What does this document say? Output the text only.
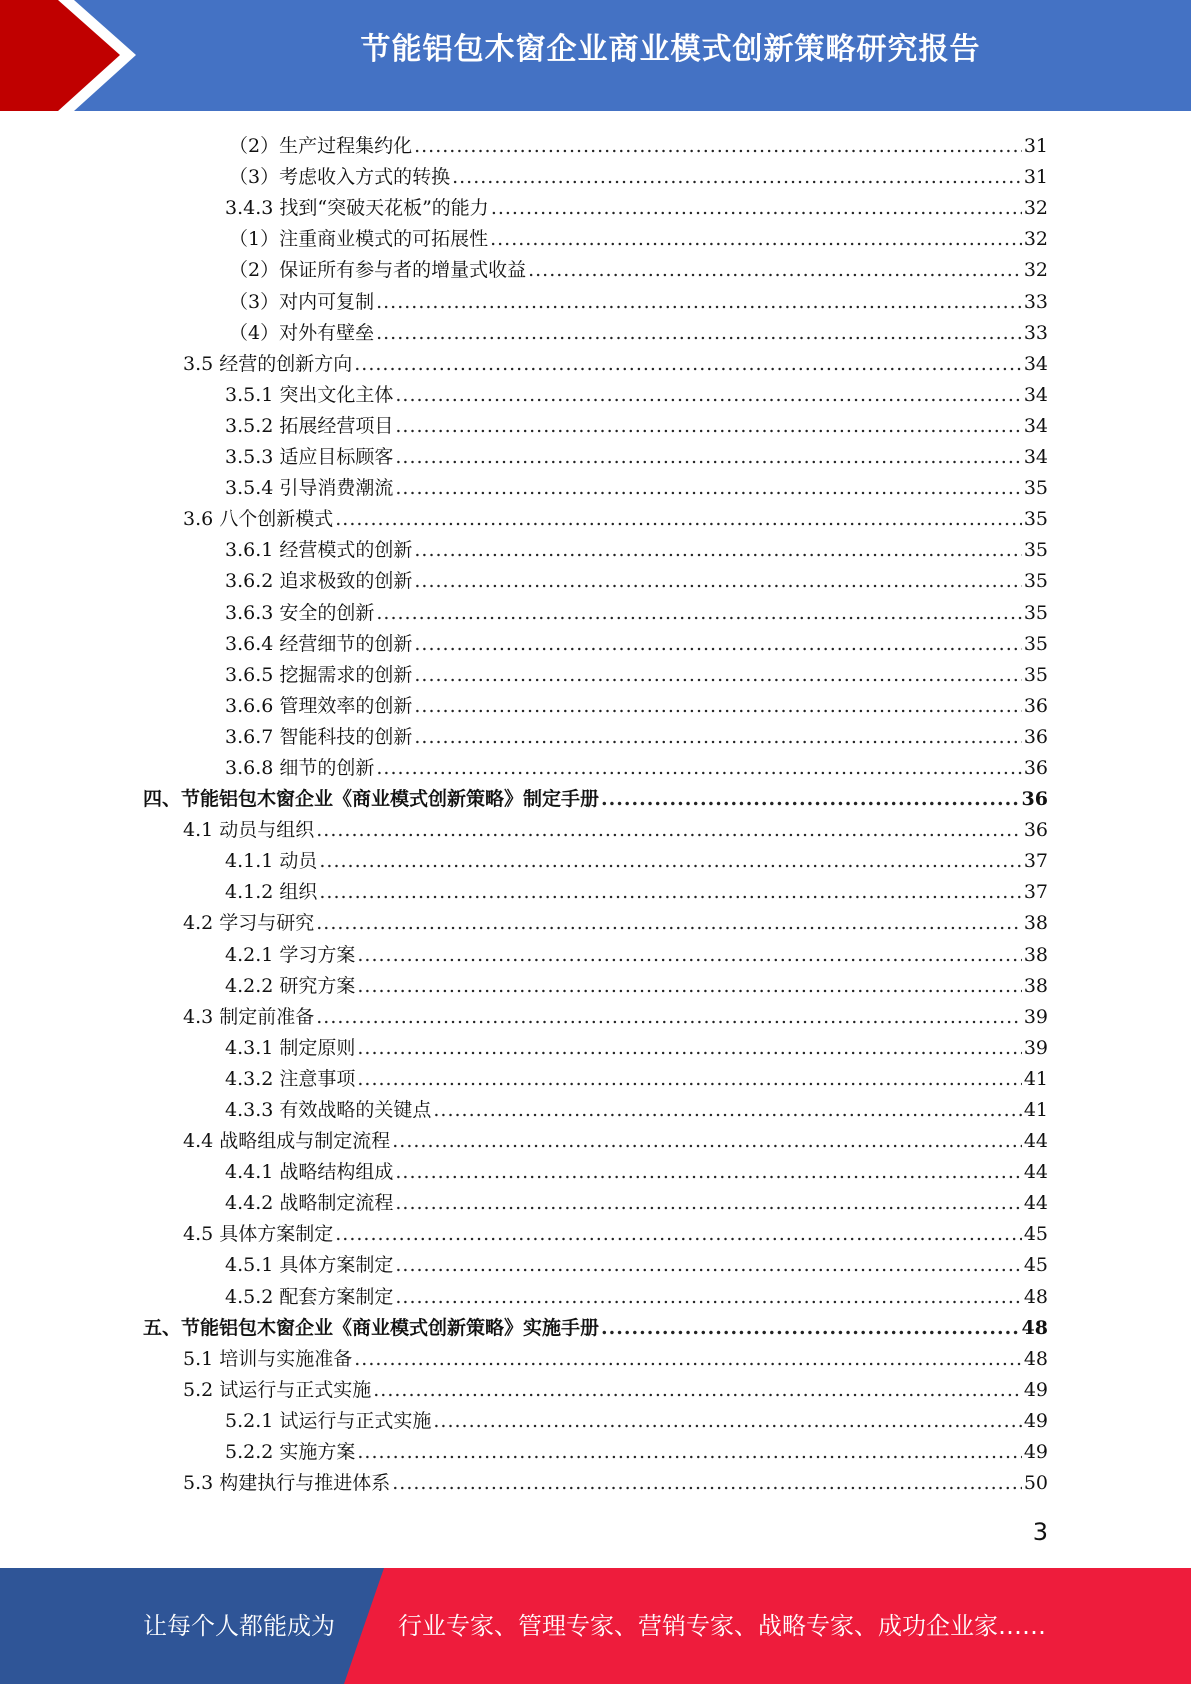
节能铝包木窗企业商业模式创新策略研究报告
（2）生产过程集约化 .....	31
（3）考虑收入方式的转换 .....	31
3.4.3 找到“突破天花板”的能力 .....	32
（1）注重商业模式的可拓展性 .....	32
（2）保证所有参与者的增量式收益 .....	32
（3）对内可复制 .....	33
（4）对外有壁垒 .....	33
3.5 经营的创新方向 .....	34
3.5.1 突出文化主体 .....	34
3.5.2 拓展经营项目 .....	34
3.5.3 适应目标顾客 .....	34
3.5.4 引导消费潮流 .....	35
3.6 八个创新模式 .....	35
3.6.1 经营模式的创新 .....	35
3.6.2 追求极致的创新 .....	35
3.6.3 安全的创新 .....	35
3.6.4 经营细节的创新 .....	35
3.6.5 挖掘需求的创新 .....	35
3.6.6 管理效率的创新 .....	36
3.6.7 智能科技的创新 .....	36
3.6.8 细节的创新 .....	36
四、节能铝包木窗企业《商业模式创新策略》制定手册 .....	36
4.1 动员与组织 .....	36
4.1.1 动员 .....	37
4.1.2 组织 .....	37
4.2 学习与研究 .....	38
4.2.1 学习方案 .....	38
4.2.2 研究方案 .....	38
4.3 制定前准备 .....	39
4.3.1 制定原则 .....	39
4.3.2 注意事项 .....	41
4.3.3 有效战略的关键点 .....	41
4.4 战略组成与制定流程 .....	44
4.4.1 战略结构组成 .....	44
4.4.2 战略制定流程 .....	44
4.5 具体方案制定 .....	45
4.5.1 具体方案制定 .....	45
4.5.2 配套方案制定 .....	48
五、节能铝包木窗企业《商业模式创新策略》实施手册 .....	48
5.1 培训与实施准备 .....	48
5.2 试运行与正式实施 .....	49
5.2.1 试运行与正式实施 .....	49
5.2.2 实施方案 .....	49
5.3 构建执行与推进体系 .....	50
3
让每个人都能成为	行业专家、管理专家、营销专家、战略专家、成功企业家……
